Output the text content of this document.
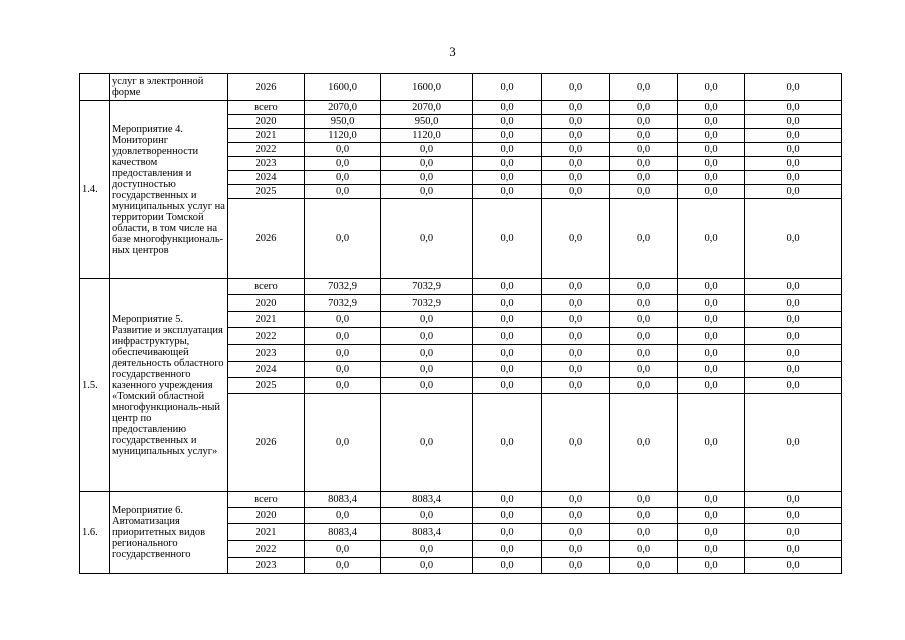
3
	услуг в электронной форме	2026	1600,0	1600,0	0,0	0,0	0,0	0,0	0,0
1.4.	Мероприятие 4. Мониторинг удовлетворенности качеством предоставления и доступностью государственных и муниципальных услуг на территории Томской области, в том числе на базе многофункциональ-ных центров	всего	2070,0	2070,0	0,0	0,0	0,0	0,0	0,0
		2020	950,0	950,0	0,0	0,0	0,0	0,0	0,0
		2021	1120,0	1120,0	0,0	0,0	0,0	0,0	0,0
		2022	0,0	0,0	0,0	0,0	0,0	0,0	0,0
		2023	0,0	0,0	0,0	0,0	0,0	0,0	0,0
		2024	0,0	0,0	0,0	0,0	0,0	0,0	0,0
		2025	0,0	0,0	0,0	0,0	0,0	0,0	0,0
		2026	0,0	0,0	0,0	0,0	0,0	0,0	0,0
1.5.	Мероприятие 5. Развитие и эксплуатация инфраструктуры, обеспечивающей деятельность областного государственного казенного учреждения «Томский областной многофункциональ-ный центр по предоставлению государственных и муниципальных услуг»	всего	7032,9	7032,9	0,0	0,0	0,0	0,0	0,0
		2020	7032,9	7032,9	0,0	0,0	0,0	0,0	0,0
		2021	0,0	0,0	0,0	0,0	0,0	0,0	0,0
		2022	0,0	0,0	0,0	0,0	0,0	0,0	0,0
		2023	0,0	0,0	0,0	0,0	0,0	0,0	0,0
		2024	0,0	0,0	0,0	0,0	0,0	0,0	0,0
		2025	0,0	0,0	0,0	0,0	0,0	0,0	0,0
		2026	0,0	0,0	0,0	0,0	0,0	0,0	0,0
1.6.	Мероприятие 6. Автоматизация приоритетных видов регионального государственного	всего	8083,4	8083,4	0,0	0,0	0,0	0,0	0,0
		2020	0,0	0,0	0,0	0,0	0,0	0,0	0,0
		2021	8083,4	8083,4	0,0	0,0	0,0	0,0	0,0
		2022	0,0	0,0	0,0	0,0	0,0	0,0	0,0
		2023	0,0	0,0	0,0	0,0	0,0	0,0	0,0
